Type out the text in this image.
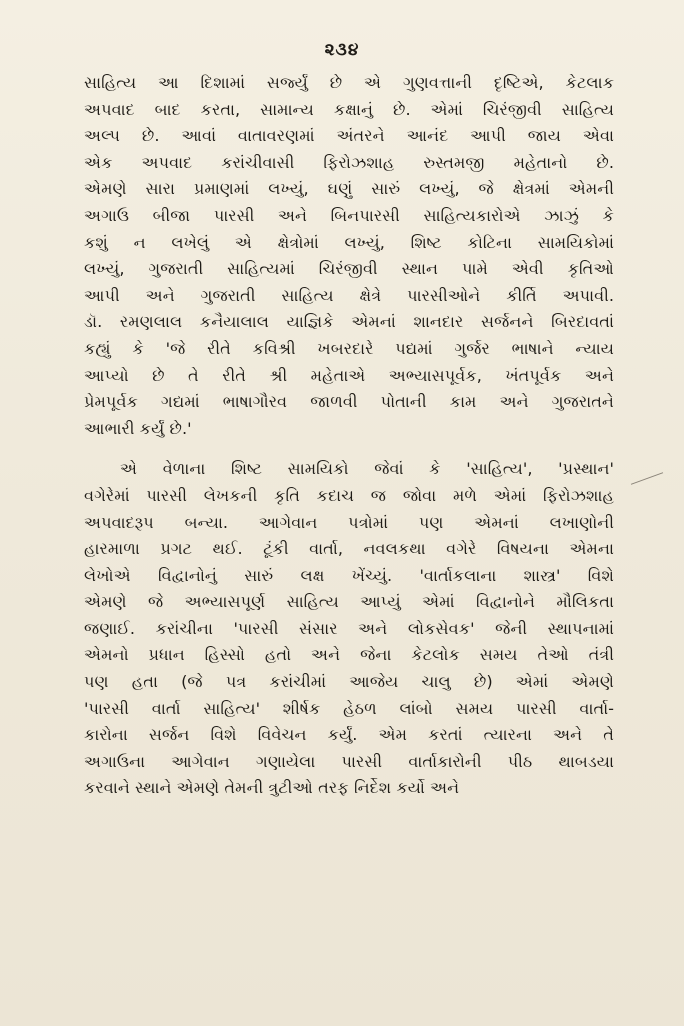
૨૩૪
સાહિત્ય આ દિશામાં સર્જ્યું છે એ ગુણવત્તાની દૃષ્ટિએ, કેટલાક
અપવાદ બાદ કરતા, સામાન્ય કક્ષાનું છે. એમાં ચિરંજીવી સાહિત્ય
અલ્પ છે. આવાં વાતાવરણમાં અંતરને આનંદ આપી જાય એવા
એક અપવાદ કરાંચીવાસી ફિરોઝશાહ રુસ્તમજી મહેતાનો છે.
એમણે સારા પ્રમાણમાં લખ્યું, ઘણું સારું લખ્યું, જે ક્ષેત્રમાં એમની
અગાઉ બીજા પારસી અને બિનપારસી સાહિત્યકારોએ ઝાઝું કે
કશું ન લખેલું એ ક્ષેત્રોમાં લખ્યું, શિષ્ટ કોટિના સામયિકોમાં
લખ્યું, ગુજરાતી સાહિત્યમાં ચિરંજીવી સ્થાન પામે એવી કૃતિઓ
આપી અને ગુજરાતી સાહિત્ય ક્ષેત્રે પારસીઓને કીર્તિ અપાવી.
ડૉ. રમણલાલ કનૈયાલાલ યાજ્ઞિકે એમનાં શાનદાર સર્જનને બિરદાવતાં
કહ્યું કે 'જે રીતે કવિશ્રી ખબરદારે પદ્યમાં ગુર્જર ભાષાને ન્યાય
આપ્યો છે તે રીતે શ્રી મહેતાએ અભ્યાસપૂર્વક, ખંતપૂર્વક અને
પ્રેમપૂર્વક ગદ્યમાં ભાષાગૌરવ જાળવી પોતાની કામ અને ગુજરાતને
આભારી કર્યું છે.'
એ વેળાના શિષ્ટ સામયિકો જેવાં કે 'સાહિત્ય', 'પ્રસ્થાન'
વગેરેમાં પારસી લેખકની કૃતિ કદાચ જ જોવા મળે એમાં ફિરોઝશાહ
અપવાદરૂપ બન્યા. આગેવાન પત્રોમાં પણ એમનાં લખાણોની
હારમાળા પ્રગટ થઈ. ટૂંકી વાર્તા, નવલકથા વગેરે વિષયના એમના
લેખોએ વિદ્વાનોનું સારું લક્ષ ખેંચ્યું. 'વાર્તાકલાના શાસ્ત્ર' વિશે
એમણે જે અભ્યાસપૂર્ણ સાહિત્ય આપ્યું એમાં વિદ્વાનોને મૌલિકતા
જણાઈ. કરાંચીના 'પારસી સંસાર અને લોકસેવક' જેની સ્થાપનામાં
એમનો પ્રધાન હિસ્સો હતો અને જેના કેટલોક સમય તેઓ તંત્રી
પણ હતા (જે પત્ર કરાંચીમાં આજેય ચાલુ છે) એમાં એમણે
'પારસી વાર્તા સાહિત્ય' શીર્ષક હેઠળ લાંબો સમય પારસી વાર્તા-
કારોના સર્જન વિશે વિવેચન કર્યું. એમ કરતાં ત્યારના અને તે
અગાઉના આગેવાન ગણાયેલા પારસી વાર્તાકારોની પીઠ થાબડયા
કરવાને સ્થાને એમણે તેમની ત્રુટીઓ તરફ નિર્દેશ કર્યો અને
